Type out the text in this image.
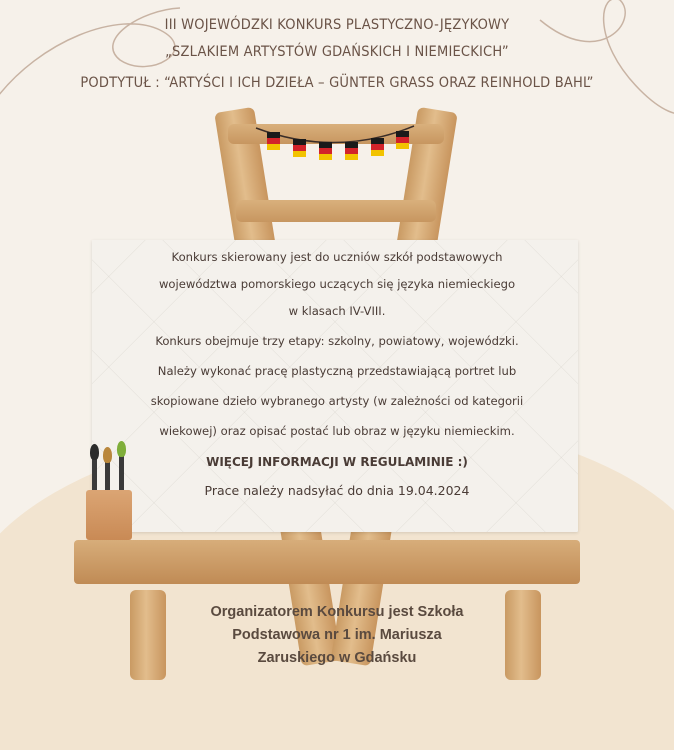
III WOJEWÓDZKI KONKURS PLASTYCZNO-JĘZYKOWY
„SZLAKIEM ARTYSTÓW GDAŃSKICH I NIEMIECKICH”
PODTYTUŁ : “ARTYŚCI I ICH DZIEŁA – GÜNTER GRASS ORAZ REINHOLD BAHL”
Konkurs skierowany jest do uczniów szkół podstawowych
województwa pomorskiego uczących się języka niemieckiego
w klasach IV-VIII.
Konkurs obejmuje trzy etapy: szkolny, powiatowy, wojewódzki.
Należy wykonać pracę plastyczną przedstawiającą portret lub
skopiowane dzieło wybranego artysty (w zależności od kategorii
wiekowej) oraz opisać postać lub obraz w języku niemieckim.
WIĘCEJ INFORMACJI W REGULAMINIE :)
Prace należy nadsyłać do dnia 19.04.2024
Organizatorem Konkursu jest Szkoła
Podstawowa nr 1 im. Mariusza
Zaruskiego w Gdańsku
